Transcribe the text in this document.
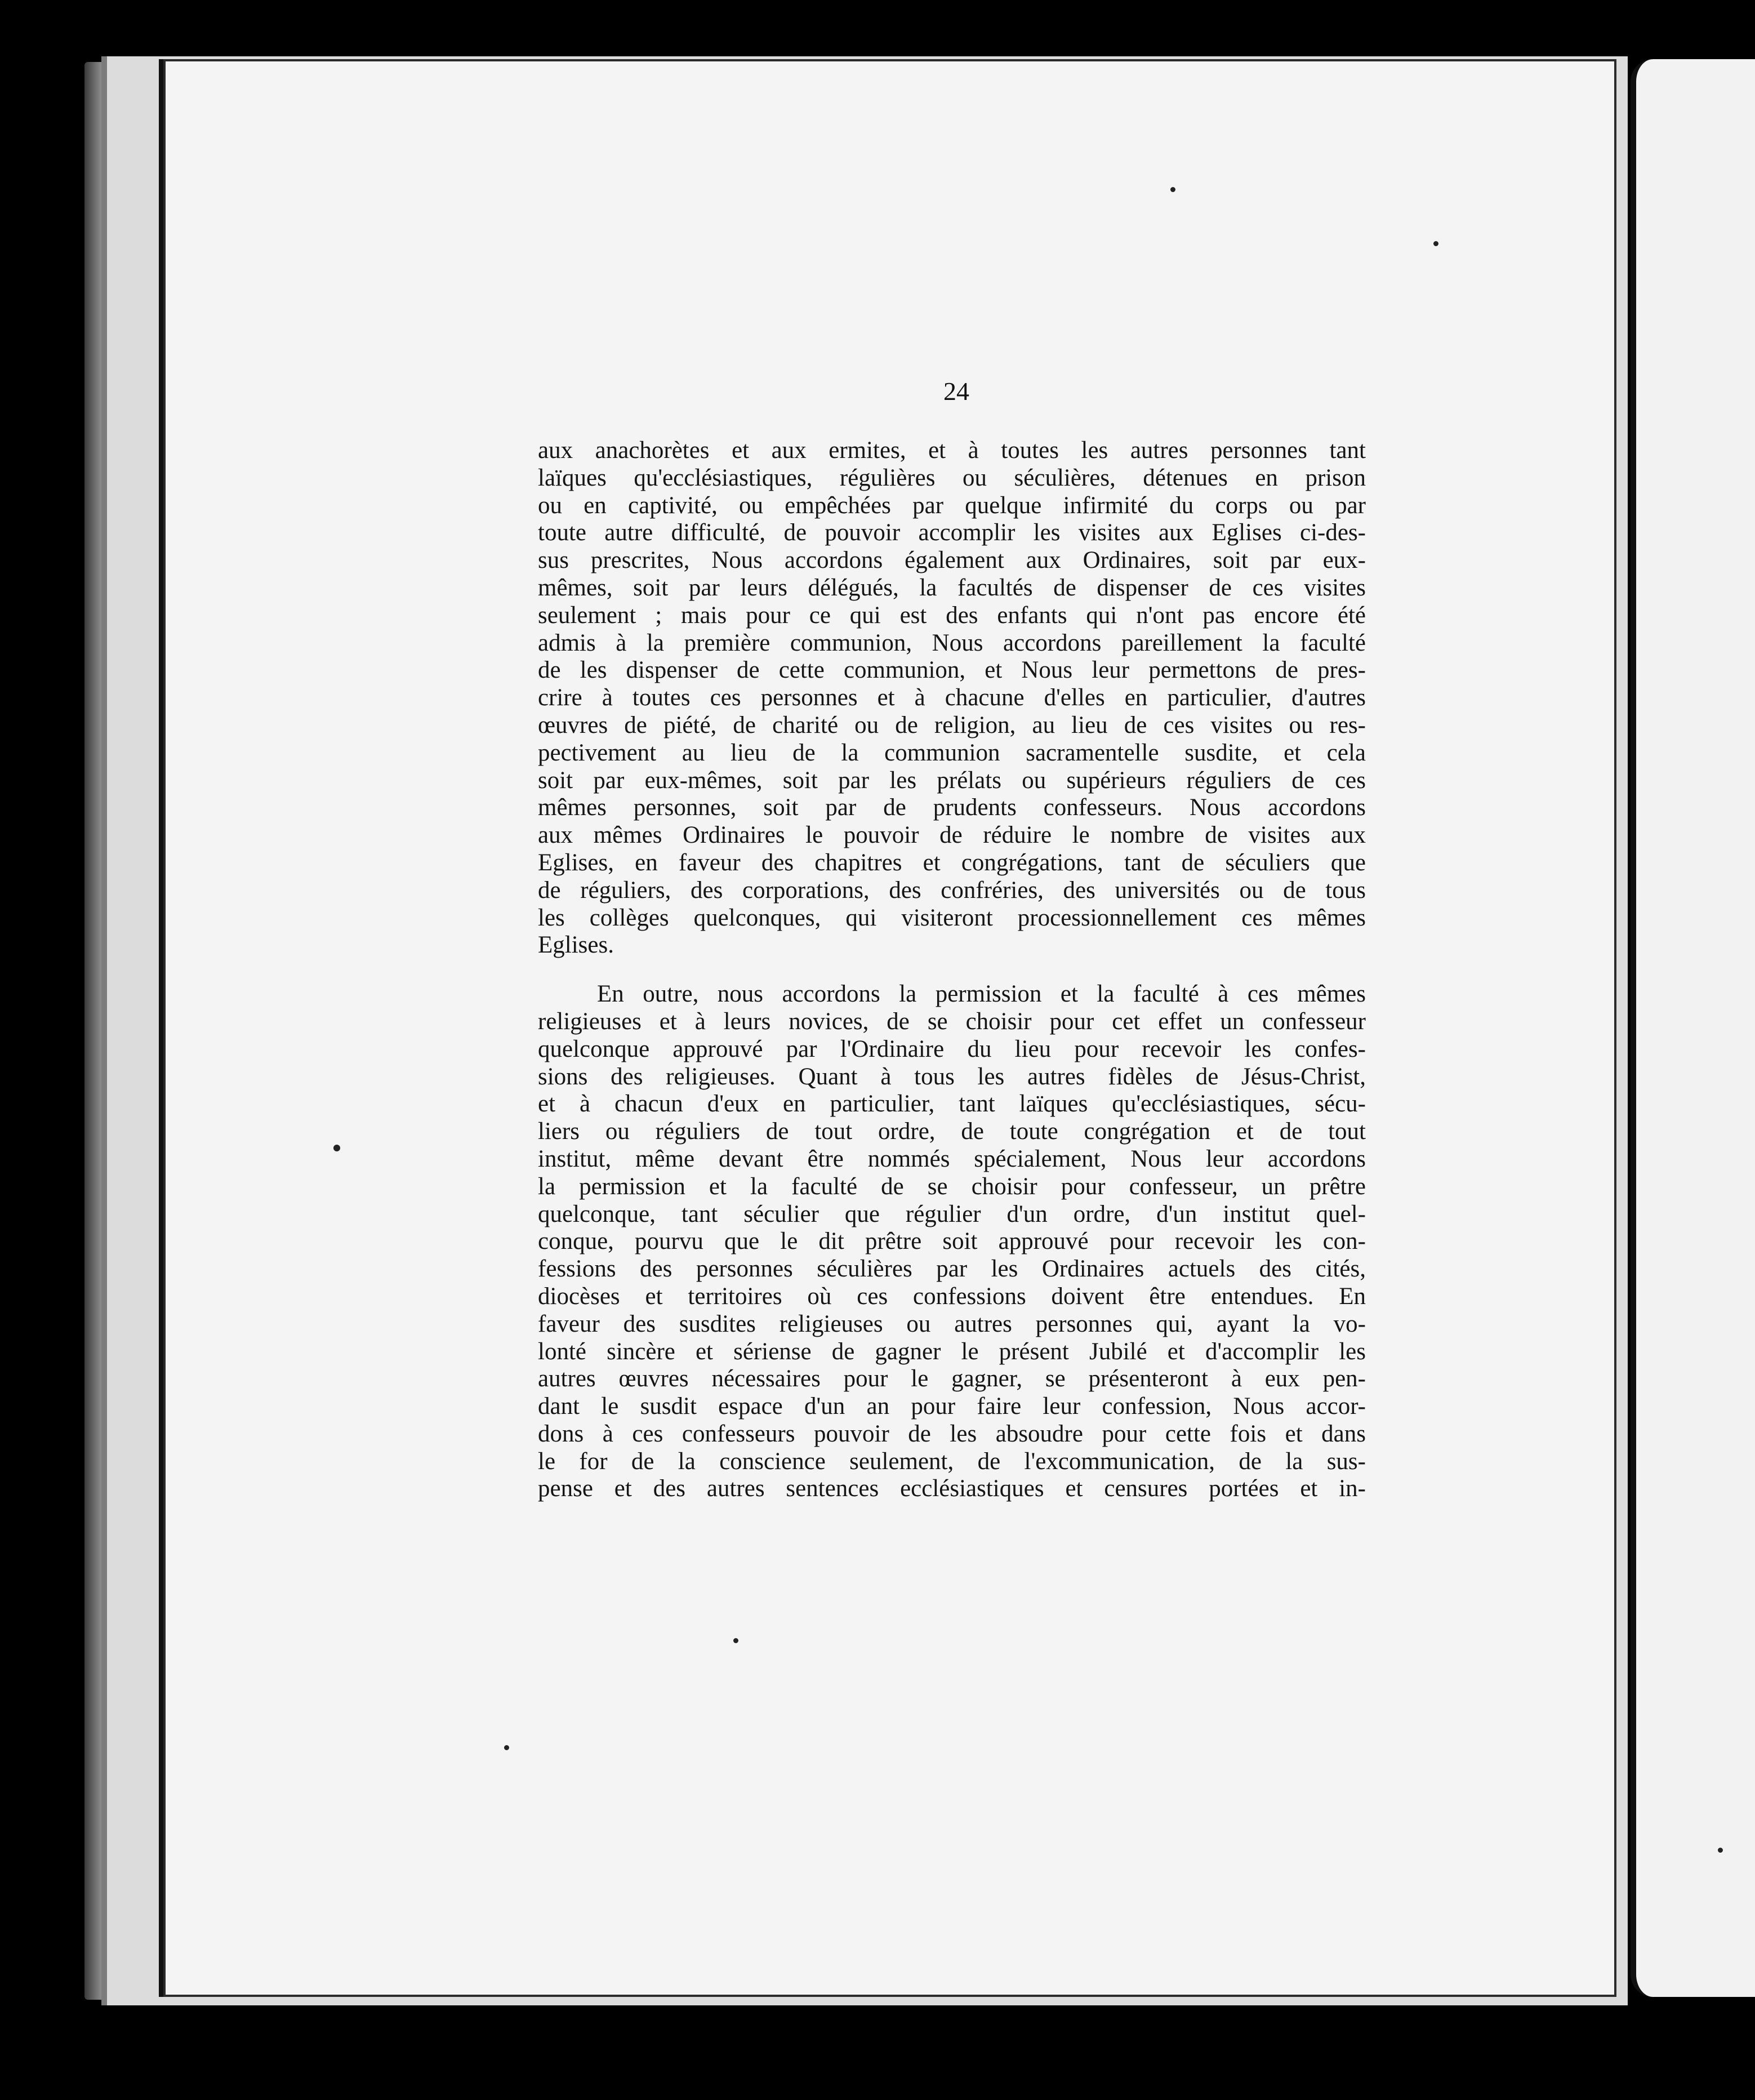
24
aux anachorètes et aux ermites, et à toutes les autres personnes tant
laïques qu'ecclésiastiques, régulières ou séculières, détenues en prison
ou en captivité, ou empêchées par quelque infirmité du corps ou par
toute autre difficulté, de pouvoir accomplir les visites aux Eglises ci-des-
sus prescrites, Nous accordons également aux Ordinaires, soit par eux-
mêmes, soit par leurs délégués, la facultés de dispenser de ces visites
seulement ; mais pour ce qui est des enfants qui n'ont pas encore été
admis à la première communion, Nous accordons pareillement la faculté
de les dispenser de cette communion, et Nous leur permettons de pres-
crire à toutes ces personnes et à chacune d'elles en particulier, d'autres
œuvres de piété, de charité ou de religion, au lieu de ces visites ou res-
pectivement au lieu de la communion sacramentelle susdite, et cela
soit par eux-mêmes, soit par les prélats ou supérieurs réguliers de ces
mêmes personnes, soit par de prudents confesseurs. Nous accordons
aux mêmes Ordinaires le pouvoir de réduire le nombre de visites aux
Eglises, en faveur des chapitres et congrégations, tant de séculiers que
de réguliers, des corporations, des confréries, des universités ou de tous
les collèges quelconques, qui visiteront processionnellement ces mêmes
Eglises.
En outre, nous accordons la permission et la faculté à ces mêmes
religieuses et à leurs novices, de se choisir pour cet effet un confesseur
quelconque approuvé par l'Ordinaire du lieu pour recevoir les confes-
sions des religieuses. Quant à tous les autres fidèles de Jésus-Christ,
et à chacun d'eux en particulier, tant laïques qu'ecclésiastiques, sécu-
liers ou réguliers de tout ordre, de toute congrégation et de tout
institut, même devant être nommés spécialement, Nous leur accordons
la permission et la faculté de se choisir pour confesseur, un prêtre
quelconque, tant séculier que régulier d'un ordre, d'un institut quel-
conque, pourvu que le dit prêtre soit approuvé pour recevoir les con-
fessions des personnes séculières par les Ordinaires actuels des cités,
diocèses et territoires où ces confessions doivent être entendues. En
faveur des susdites religieuses ou autres personnes qui, ayant la vo-
lonté sincère et sériense de gagner le présent Jubilé et d'accomplir les
autres œuvres nécessaires pour le gagner, se présenteront à eux pen-
dant le susdit espace d'un an pour faire leur confession, Nous accor-
dons à ces confesseurs pouvoir de les absoudre pour cette fois et dans
le for de la conscience seulement, de l'excommunication, de la sus-
pense et des autres sentences ecclésiastiques et censures portées et in-
